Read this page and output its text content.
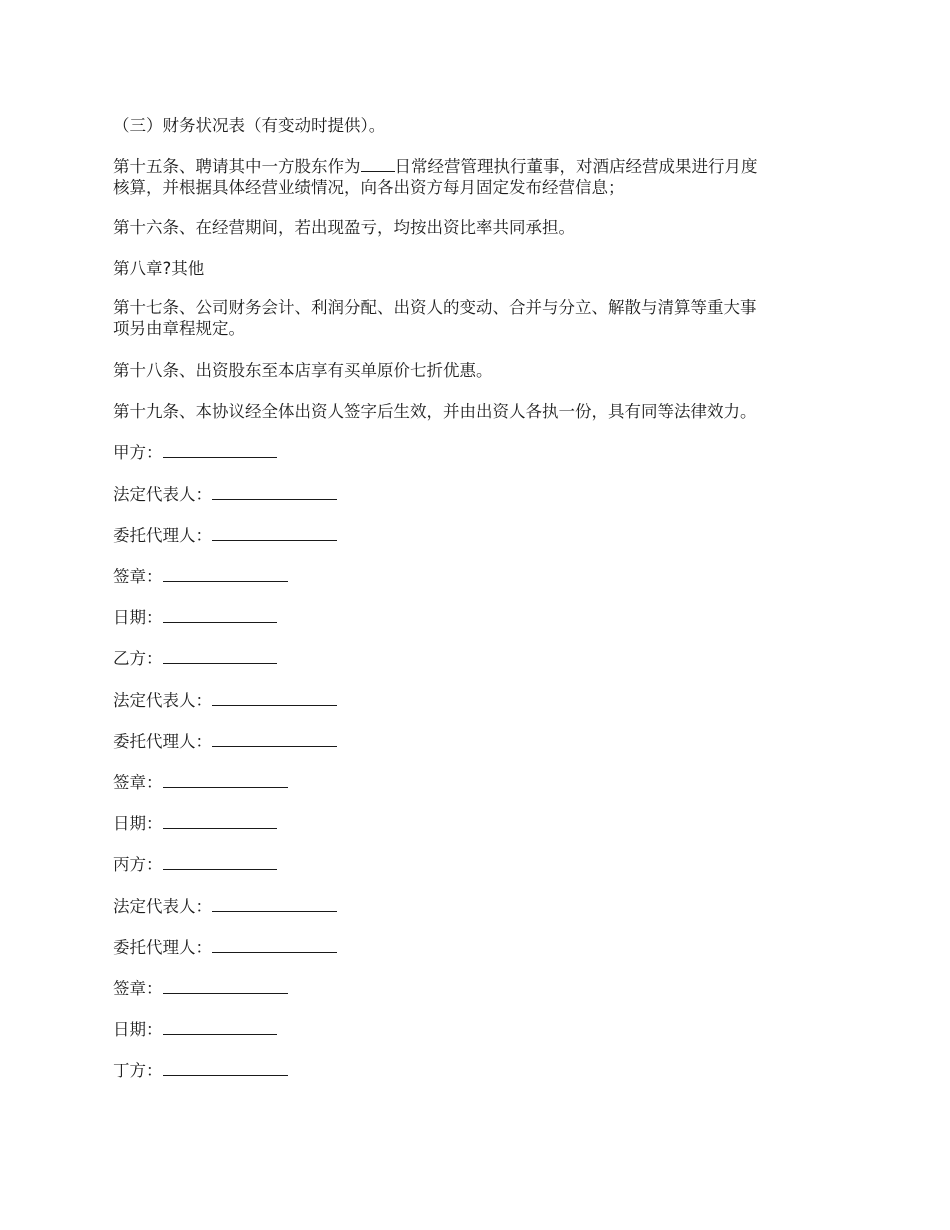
（三）财务状况表（有变动时提供）。
第十五条、聘请其中一方股东作为 日常经营管理执行董事，对酒店经营成果进行月度
核算，并根据具体经营业绩情况，向各出资方每月固定发布经营信息；
第十六条、在经营期间，若出现盈亏，均按出资比率共同承担。
第八章?其他
第十七条、公司财务会计、利润分配、出资人的变动、合并与分立、解散与清算等重大事
项另由章程规定。
第十八条、出资股东至本店享有买单原价七折优惠。
第十九条、本协议经全体出资人签字后生效，并由出资人各执一份，具有同等法律效力。
甲方：
法定代表人：
委托代理人：
签章：
日期：
乙方：
法定代表人：
委托代理人：
签章：
日期：
丙方：
法定代表人：
委托代理人：
签章：
日期：
丁方：
